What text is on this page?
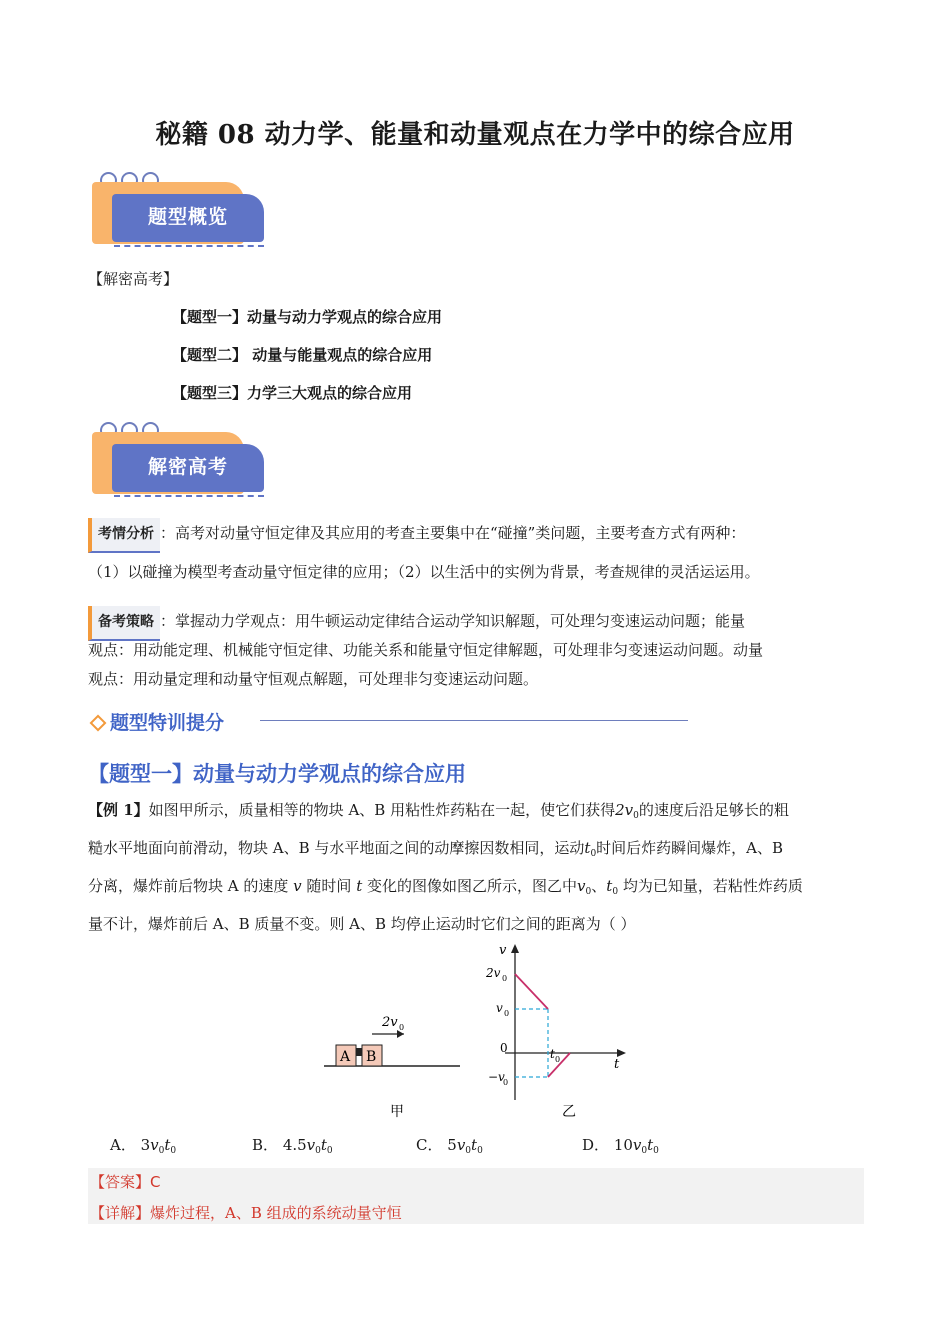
秘籍 08 动力学、能量和动量观点在力学中的综合应用
题型概览
【解密高考】
【题型一】动量与动力学观点的综合应用
【题型二】 动量与能量观点的综合应用
【题型三】力学三大观点的综合应用
解密高考
考情分析 ：高考对动量守恒定律及其应用的考查主要集中在“碰撞”类问题，主要考查方式有两种：
（1）以碰撞为模型考查动量守恒定律的应用；（2）以生活中的实例为背景，考查规律的灵活运运用。
备考策略 ：掌握动力学观点：用牛顿运动定律结合运动学知识解题，可处理匀变速运动问题；能量
观点：用动能定理、机械能守恒定律、功能关系和能量守恒定律解题，可处理非匀变速运动问题。动量
观点：用动量定理和动量守恒观点解题，可处理非匀变速运动问题。
题型特训提分
【题型一】动量与动力学观点的综合应用
【例 1】如图甲所示，质量相等的物块 A、B 用粘性炸药粘在一起，使它们获得$2v_0$的速度后沿足够长的粗
糙水平地面向前滑动，物块 A、B 与水平地面之间的动摩擦因数相同，运动$t_0$时间后炸药瞬间爆炸，A、B
分离，爆炸前后物块 A 的速度 v 随时间 t 变化的图像如图乙所示，图乙中$v_0$、$t_0$ 均为已知量，若粘性炸药质
量不计，爆炸前后 A、B 质量不变。则 A、B 均停止运动时它们之间的距离为（ ）
A B
2v 0
甲
v
t
0
2v 0
v 0
−v
0
t 0
乙
A． $3v_0t_0$	B． $4.5v_0t_0$	C． $5v_0t_0$	D． $10v_0t_0$
【答案】C
【详解】爆炸过程，A、B 组成的系统动量守恒
